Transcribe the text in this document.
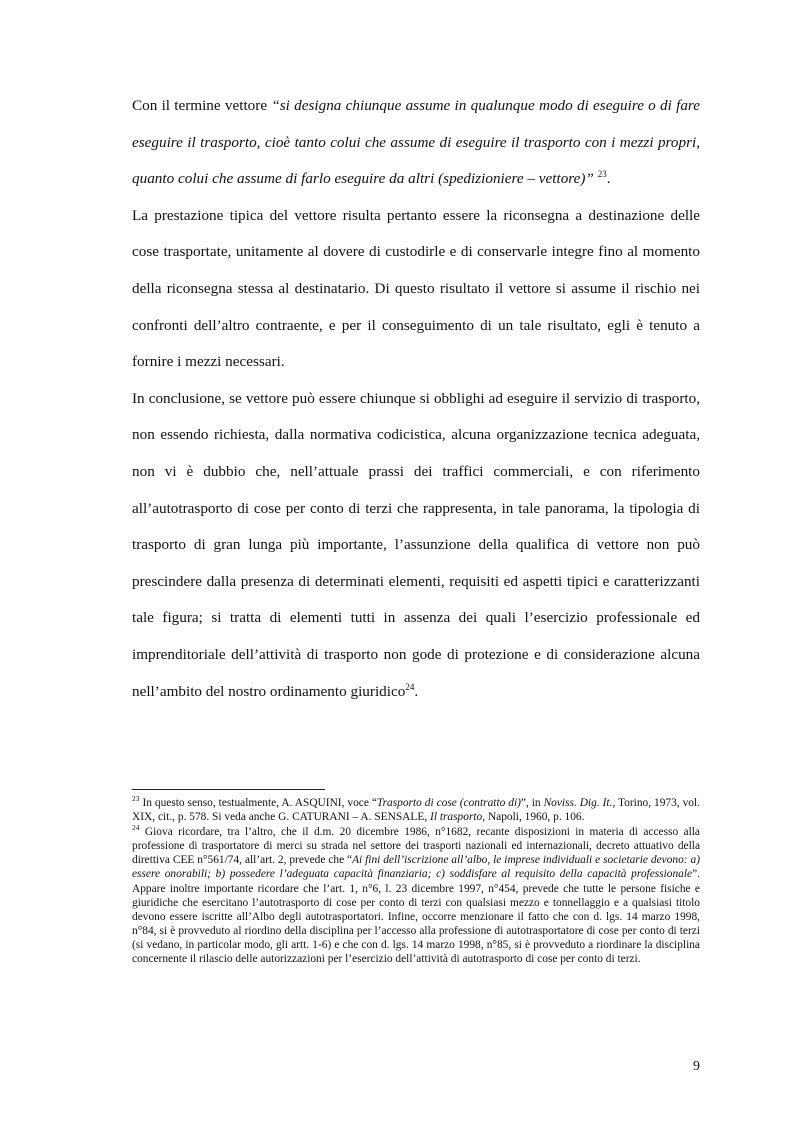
Con il termine vettore “si designa chiunque assume in qualunque modo di eseguire o di fare eseguire il trasporto, cioè tanto colui che assume di eseguire il trasporto con i mezzi propri, quanto colui che assume di farlo eseguire da altri (spedizioniere – vettore)” $^{23}$.

La prestazione tipica del vettore risulta pertanto essere la riconsegna a destinazione delle cose trasportate, unitamente al dovere di custodirle e di conservarle integre fino al momento della riconsegna stessa al destinatario. Di questo risultato il vettore si assume il rischio nei confronti dell’altro contraente, e per il conseguimento di un tale risultato, egli è tenuto a fornire i mezzi necessari.

In conclusione, se vettore può essere chiunque si obblighi ad eseguire il servizio di trasporto, non essendo richiesta, dalla normativa codicistica, alcuna organizzazione tecnica adeguata, non vi è dubbio che, nell’attuale prassi dei traffici commerciali, e con riferimento all’autotrasporto di cose per conto di terzi che rappresenta, in tale panorama, la tipologia di trasporto di gran lunga più importante, l’assunzione della qualifica di vettore non può prescindere dalla presenza di determinati elementi, requisiti ed aspetti tipici e caratterizzanti tale figura; si tratta di elementi tutti in assenza dei quali l’esercizio professionale ed imprenditoriale dell’attività di trasporto non gode di protezione e di considerazione alcuna nell’ambito del nostro ordinamento giuridico$^{24}$.

$^{23}$ In questo senso, testualmente, A. ASQUINI, voce “Trasporto di cose (contratto di)”, in Noviss. Dig. It., Torino, 1973, vol. XIX, cit., p. 578. Si veda anche G. CATURANI – A. SENSALE, Il trasporto, Napoli, 1960, p. 106.

$^{24}$ Giova ricordare, tra l’altro, che il d.m. 20 dicembre 1986, n°1682, recante disposizioni in materia di accesso alla professione di trasportatore di merci su strada nel settore dei trasporti nazionali ed internazionali, decreto attuativo della direttiva CEE n°561/74, all’art. 2, prevede che “Ai fini dell’iscrizione all’albo, le imprese individuali e societarie devono: a) essere onorabili; b) possedere l’adeguata capacità finanziaria; c) soddisfare al requisito della capacità professionale”. Appare inoltre importante ricordare che l’art. 1, n°6, l. 23 dicembre 1997, n°454, prevede che tutte le persone fisiche e giuridiche che esercitano l’autotrasporto di cose per conto di terzi con qualsiasi mezzo e tonnellaggio e a qualsiasi titolo devono essere iscritte all’Albo degli autotrasportatori. Infine, occorre menzionare il fatto che con d. lgs. 14 marzo 1998, n°84, si è provveduto al riordino della disciplina per l’accesso alla professione di autotrasportatore di cose per conto di terzi (si vedano, in particolar modo, gli artt. 1-6) e che con d. lgs. 14 marzo 1998, n°85, si è provveduto a riordinare la disciplina concernente il rilascio delle autorizzazioni per l’esercizio dell’attività di autotrasporto di cose per conto di terzi.

9
